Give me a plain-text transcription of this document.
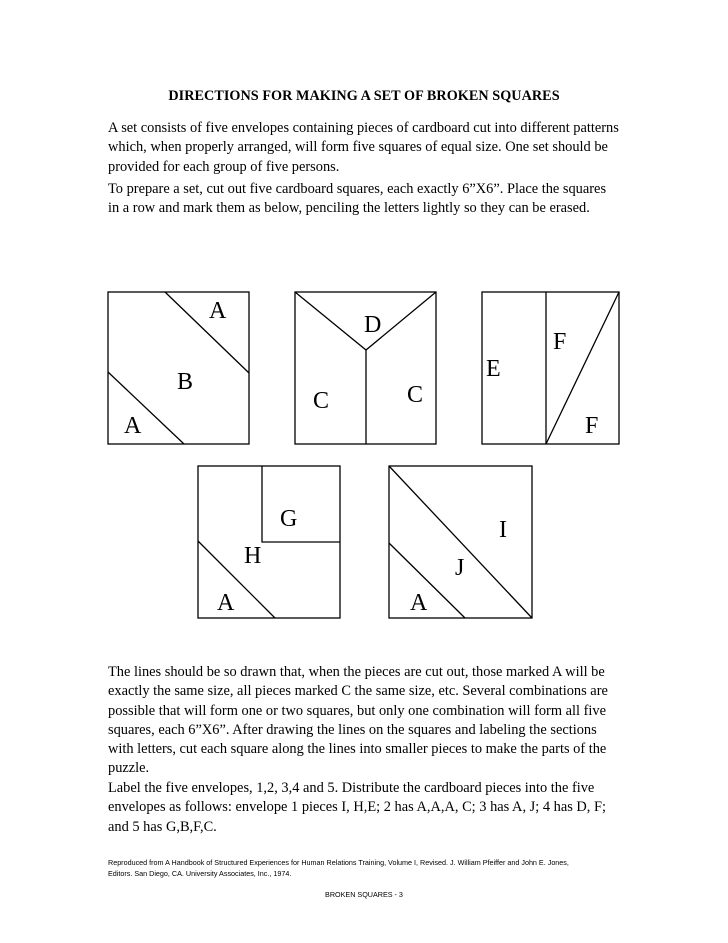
DIRECTIONS FOR MAKING A SET OF BROKEN SQUARES

A set consists of five envelopes containing pieces of cardboard cut into different patterns
which, when properly arranged, will form five squares of equal size. One set should be
provided for each group of five persons.

To prepare a set, cut out five cardboard squares, each exactly 6”X6”. Place the squares
in a row and mark them as below, penciling the letters lightly so they can be erased.

A
B
A
D
C	C
F
E
F
G
H
A
I
J
A

The lines should be so drawn that, when the pieces are cut out, those marked A will be
exactly the same size, all pieces marked C the same size, etc. Several combinations are
possible that will form one or two squares, but only one combination will form all five
squares, each 6”X6”. After drawing the lines on the squares and labeling the sections
with letters, cut each square along the lines into smaller pieces to make the parts of the
puzzle.

Label the five envelopes, 1,2, 3,4 and 5. Distribute the cardboard pieces into the five
envelopes as follows: envelope 1 pieces I, H,E; 2 has A,A,A, C; 3 has A, J; 4 has D, F;
and 5 has G,B,F,C.

Reproduced from A Handbook of Structured Experiences for Human Relations Training, Volume I, Revised. J. William Pfeiffer and John E. Jones,
Editors. San Diego, CA. University Associates, Inc., 1974.
BROKEN SQUARES - 3
